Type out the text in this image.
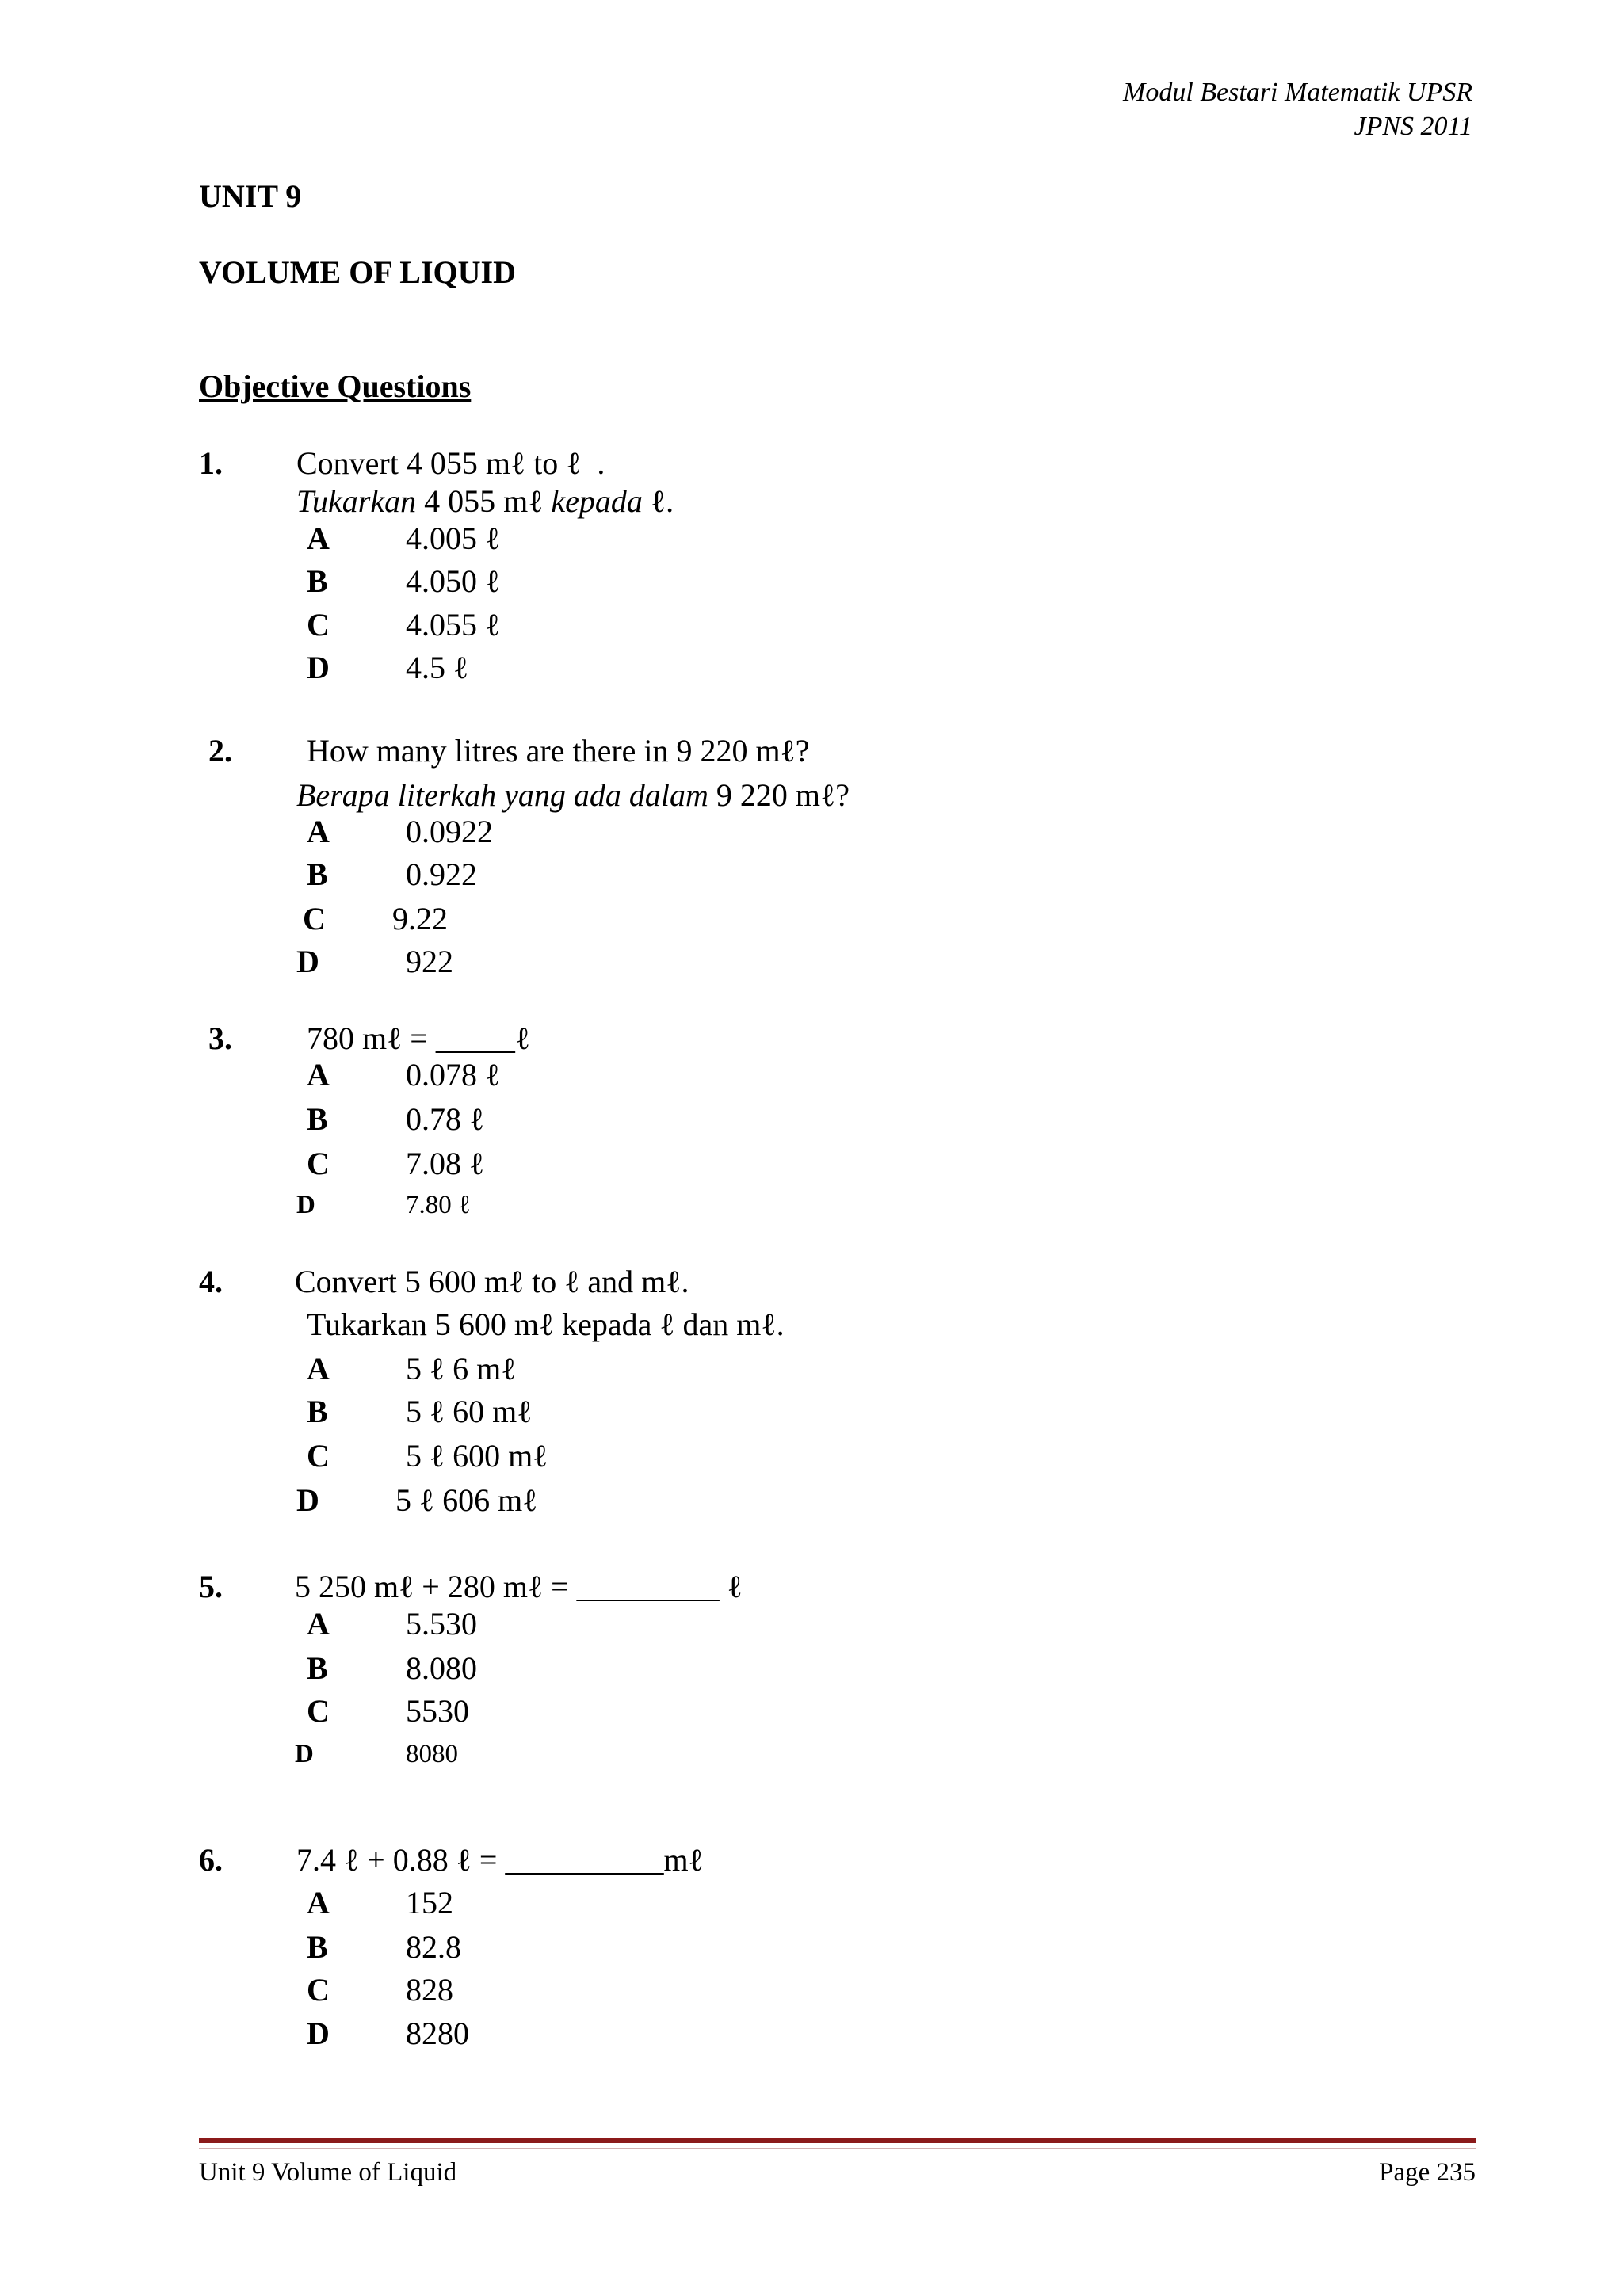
Modul Bestari Matematik UPSR
JPNS 2011
UNIT 9
VOLUME OF LIQUID
Objective Questions
1. Convert 4 055 mℓ to ℓ  .
Tukarkan 4 055 mℓ kepada ℓ.
A 4.005 ℓ
B 4.050 ℓ
C 4.055 ℓ
D 4.5 ℓ
2. How many litres are there in 9 220 mℓ?
Berapa literkah yang ada dalam 9 220 mℓ?
A 0.0922
B 0.922
C 9.22
D	922
3. 780 mℓ = _____ℓ
A 0.078 ℓ
B 0.78 ℓ
C 7.08 ℓ
D	7.80 ℓ
4. Convert 5 600 mℓ to ℓ and mℓ.
Tukarkan 5 600 mℓ kepada ℓ dan mℓ.
A 5 ℓ 6 mℓ
B 5 ℓ 60 mℓ
C 5 ℓ 600 mℓ
D 5 ℓ 606 mℓ
5. 5 250 mℓ + 280 mℓ = _________ ℓ
A 5.530
B 8.080
C 5530
D	8080
6. 7.4 ℓ + 0.88 ℓ = __________mℓ
A 152
B 82.8
C 828
D 8280
Unit 9 Volume of Liquid	Page 235
